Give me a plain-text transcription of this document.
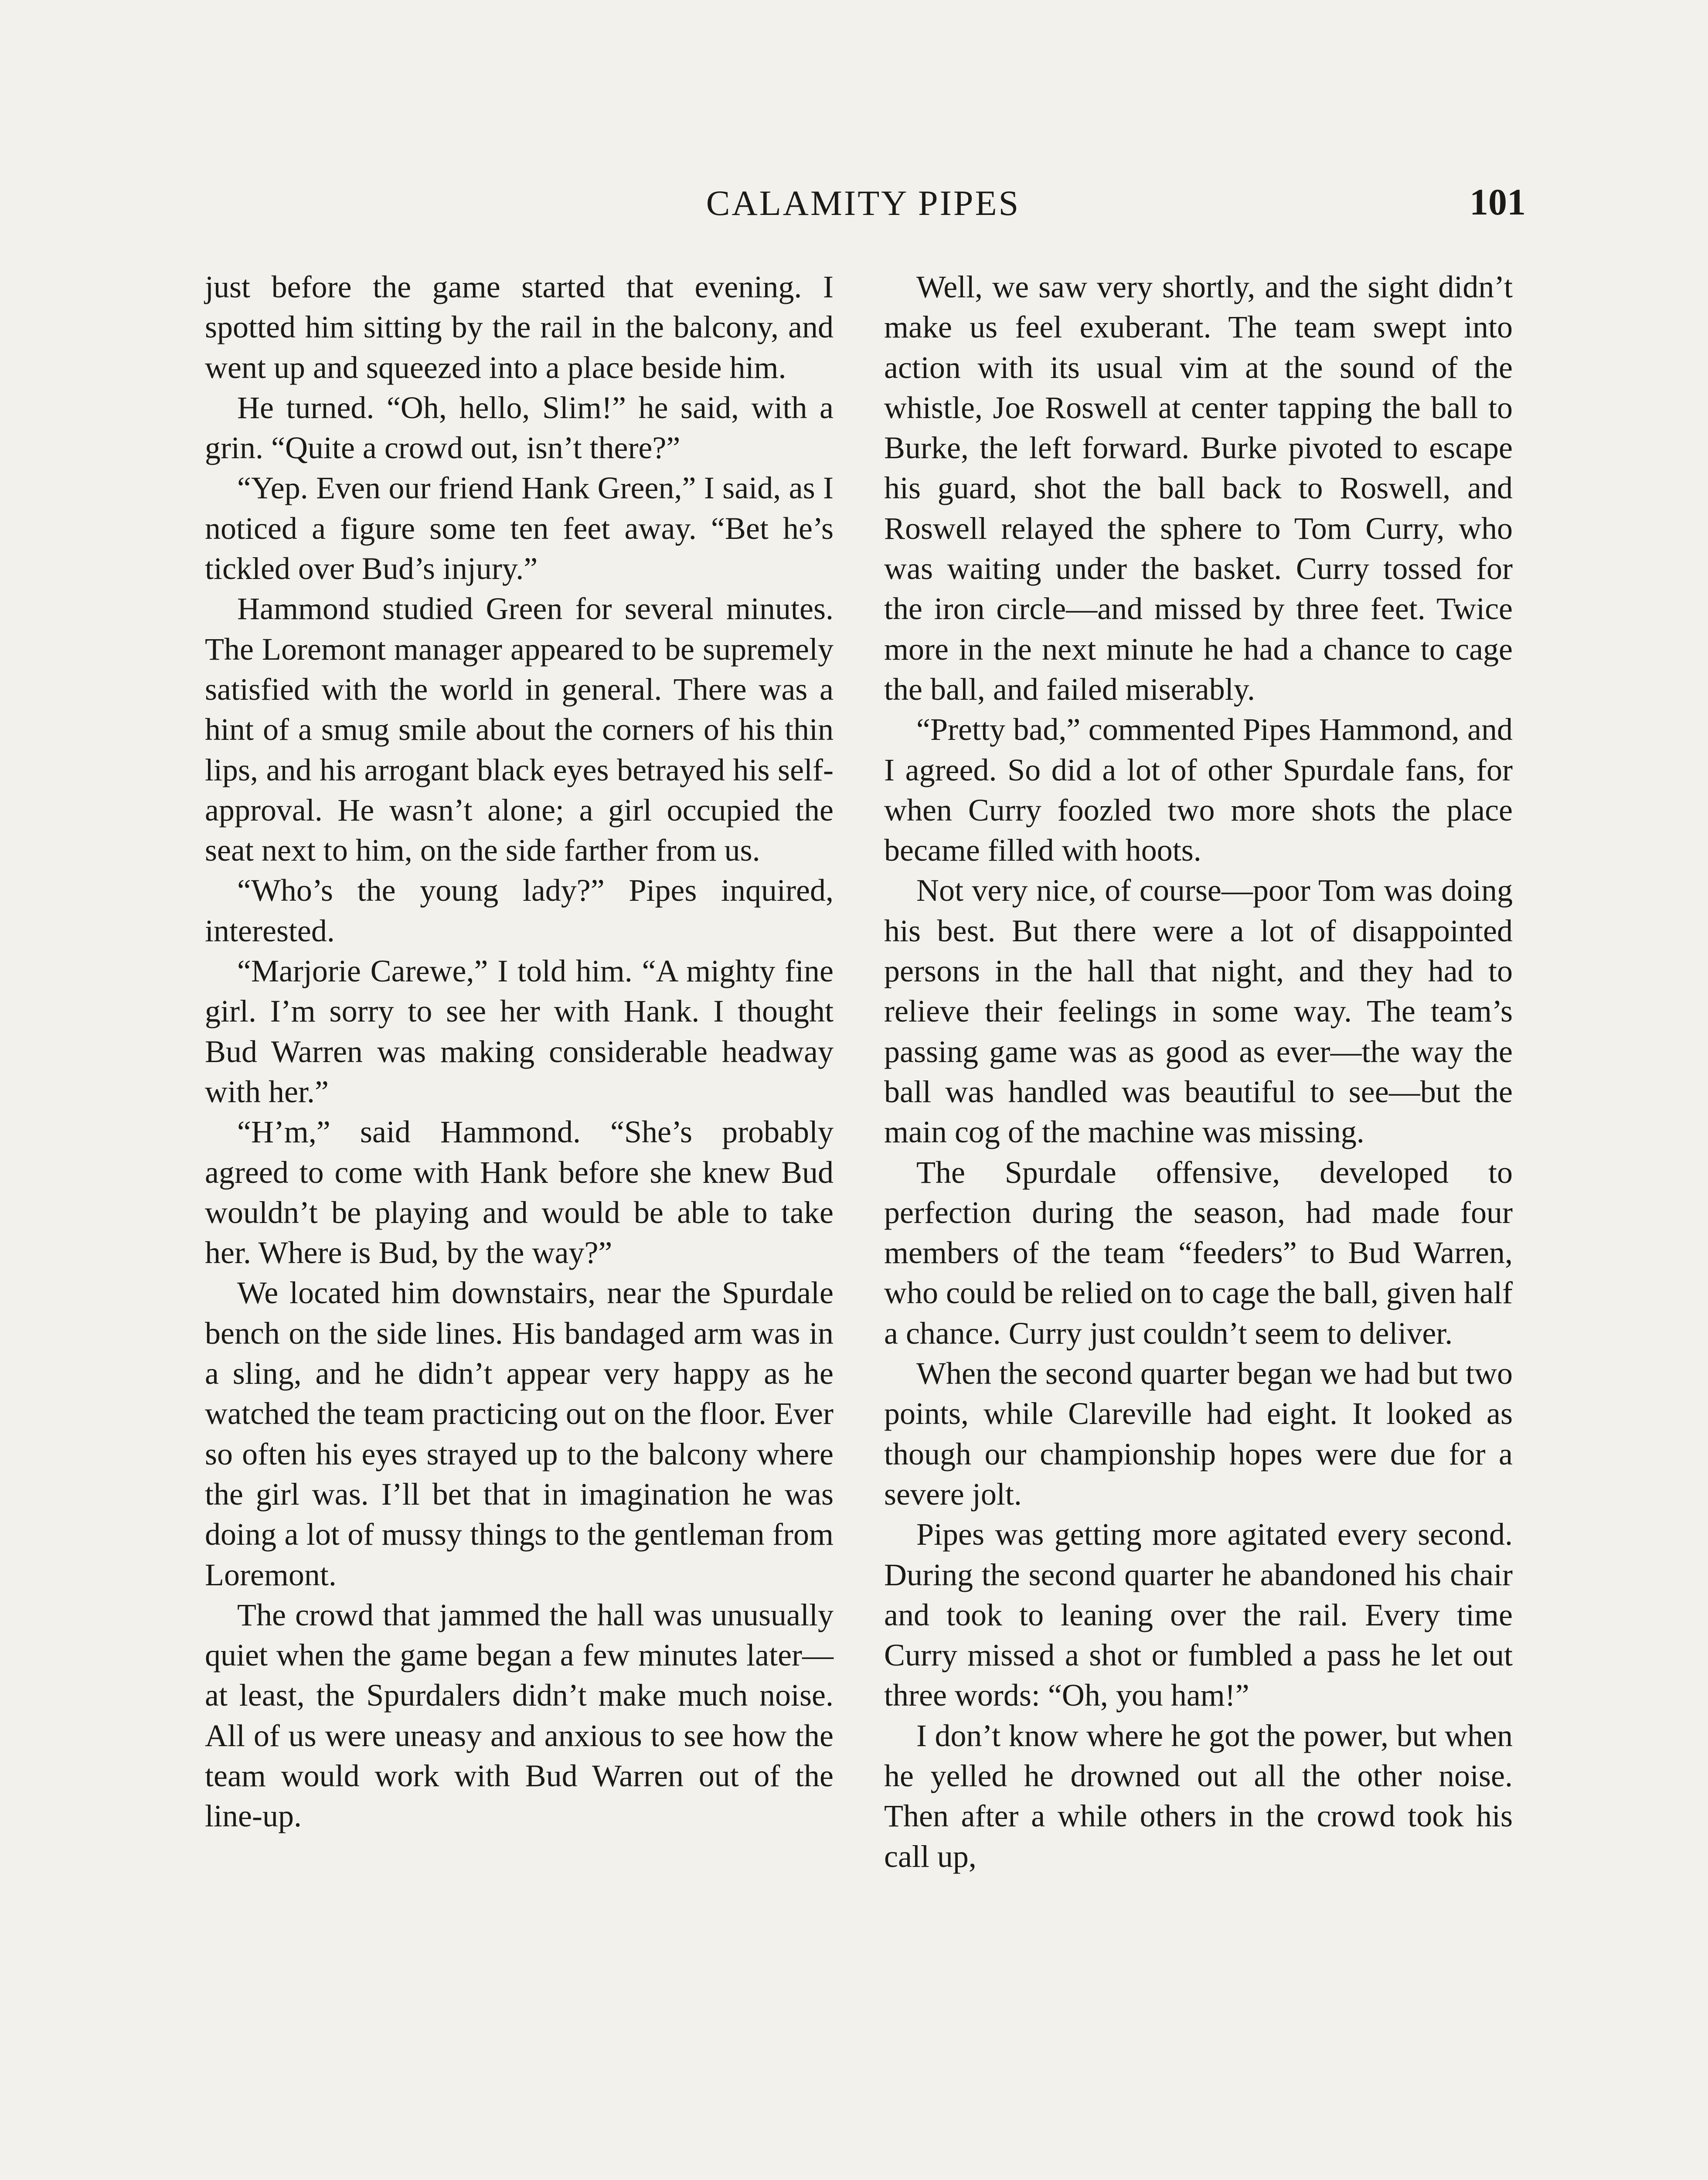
CALAMITY PIPES	101

just before the game started that evening. I spotted him sitting by the rail in the balcony, and went up and squeezed into a place beside him.

He turned. “Oh, hello, Slim!” he said, with a grin. “Quite a crowd out, isn’t there?”

“Yep. Even our friend Hank Green,” I said, as I noticed a figure some ten feet away. “Bet he’s tickled over Bud’s injury.”

Hammond studied Green for several minutes. The Loremont manager appeared to be supremely satisfied with the world in general. There was a hint of a smug smile about the corners of his thin lips, and his arrogant black eyes betrayed his self-approval. He wasn’t alone; a girl occupied the seat next to him, on the side farther from us.

“Who’s the young lady?” Pipes inquired, interested.

“Marjorie Carewe,” I told him. “A mighty fine girl. I’m sorry to see her with Hank. I thought Bud Warren was making considerable headway with her.”

“H’m,” said Hammond. “She’s probably agreed to come with Hank before she knew Bud wouldn’t be playing and would be able to take her. Where is Bud, by the way?”

We located him downstairs, near the Spurdale bench on the side lines. His bandaged arm was in a sling, and he didn’t appear very happy as he watched the team practicing out on the floor. Ever so often his eyes strayed up to the balcony where the girl was. I’ll bet that in imagination he was doing a lot of mussy things to the gentleman from Loremont.

The crowd that jammed the hall was unusually quiet when the game began a few minutes later—at least, the Spurdalers didn’t make much noise. All of us were uneasy and anxious to see how the team would work with Bud Warren out of the line-up.

Well, we saw very shortly, and the sight didn’t make us feel exuberant. The team swept into action with its usual vim at the sound of the whistle, Joe Roswell at center tapping the ball to Burke, the left forward. Burke pivoted to escape his guard, shot the ball back to Roswell, and Roswell relayed the sphere to Tom Curry, who was waiting under the basket. Curry tossed for the iron circle—and missed by three feet. Twice more in the next minute he had a chance to cage the ball, and failed miserably.

“Pretty bad,” commented Pipes Hammond, and I agreed. So did a lot of other Spurdale fans, for when Curry foozled two more shots the place became filled with hoots.

Not very nice, of course—poor Tom was doing his best. But there were a lot of disappointed persons in the hall that night, and they had to relieve their feelings in some way. The team’s passing game was as good as ever—the way the ball was handled was beautiful to see—but the main cog of the machine was missing.

The Spurdale offensive, developed to perfection during the season, had made four members of the team “feeders” to Bud Warren, who could be relied on to cage the ball, given half a chance. Curry just couldn’t seem to deliver.

When the second quarter began we had but two points, while Clareville had eight. It looked as though our championship hopes were due for a severe jolt.

Pipes was getting more agitated every second. During the second quarter he abandoned his chair and took to leaning over the rail. Every time Curry missed a shot or fumbled a pass he let out three words: “Oh, you ham!”

I don’t know where he got the power, but when he yelled he drowned out all the other noise. Then after a while others in the crowd took his call up,
